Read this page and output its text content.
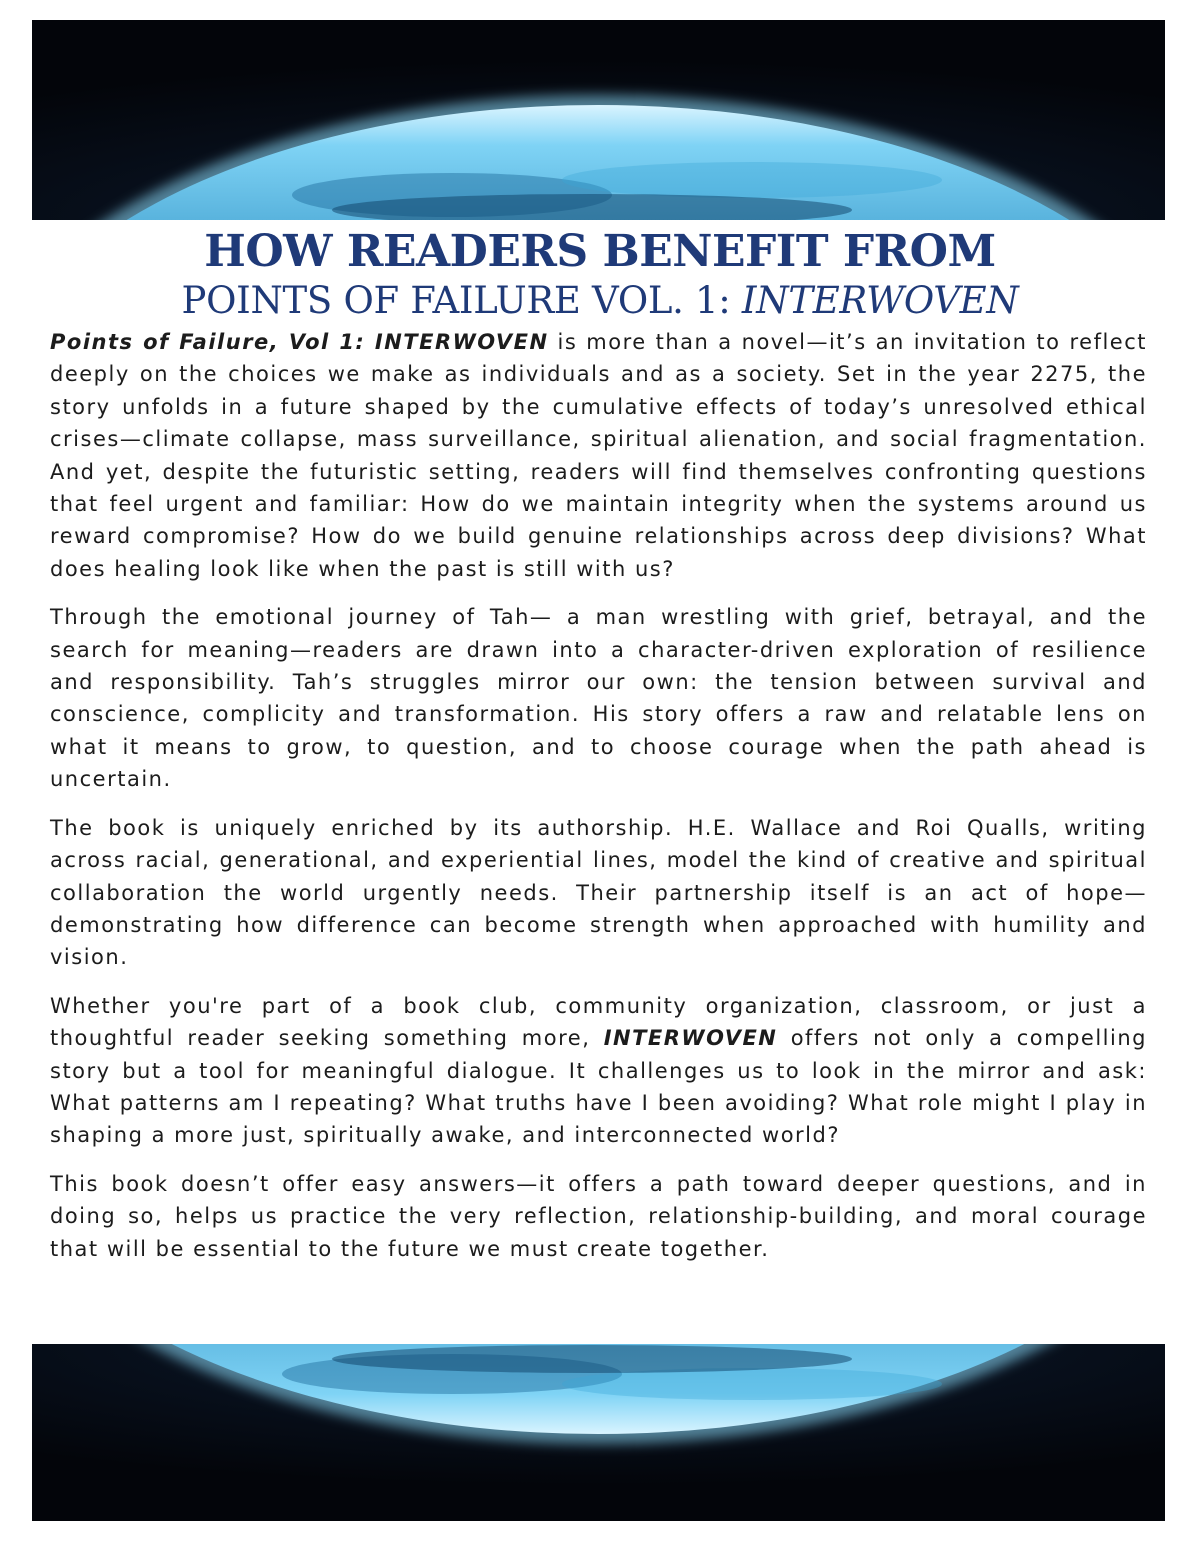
HOW READERS BENEFIT FROM
POINTS OF FAILURE VOL. 1: INTERWOVEN

Points of Failure, Vol 1: INTERWOVEN is more than a novel—it’s an invitation to reflect deeply on the choices we make as individuals and as a society. Set in the year 2275, the story unfolds in a future shaped by the cumulative effects of today’s unresolved ethical crises—climate collapse, mass surveillance, spiritual alienation, and social fragmentation. And yet, despite the futuristic setting, readers will find themselves confronting questions that feel urgent and familiar: How do we maintain integrity when the systems around us reward compromise? How do we build genuine relationships across deep divisions? What does healing look like when the past is still with us?

Through the emotional journey of Tah— a man wrestling with grief, betrayal, and the search for meaning—readers are drawn into a character-driven exploration of resilience and responsibility. Tah’s struggles mirror our own: the tension between survival and conscience, complicity and transformation. His story offers a raw and relatable lens on what it means to grow, to question, and to choose courage when the path ahead is uncertain.

The book is uniquely enriched by its authorship. H.E. Wallace and Roi Qualls, writing across racial, generational, and experiential lines, model the kind of creative and spiritual collaboration the world urgently needs. Their partnership itself is an act of hope—demonstrating how difference can become strength when approached with humility and vision.

Whether you're part of a book club, community organization, classroom, or just a thoughtful reader seeking something more, INTERWOVEN offers not only a compelling story but a tool for meaningful dialogue. It challenges us to look in the mirror and ask: What patterns am I repeating? What truths have I been avoiding? What role might I play in shaping a more just, spiritually awake, and interconnected world?

This book doesn’t offer easy answers—it offers a path toward deeper questions, and in doing so, helps us practice the very reflection, relationship-building, and moral courage that will be essential to the future we must create together.
